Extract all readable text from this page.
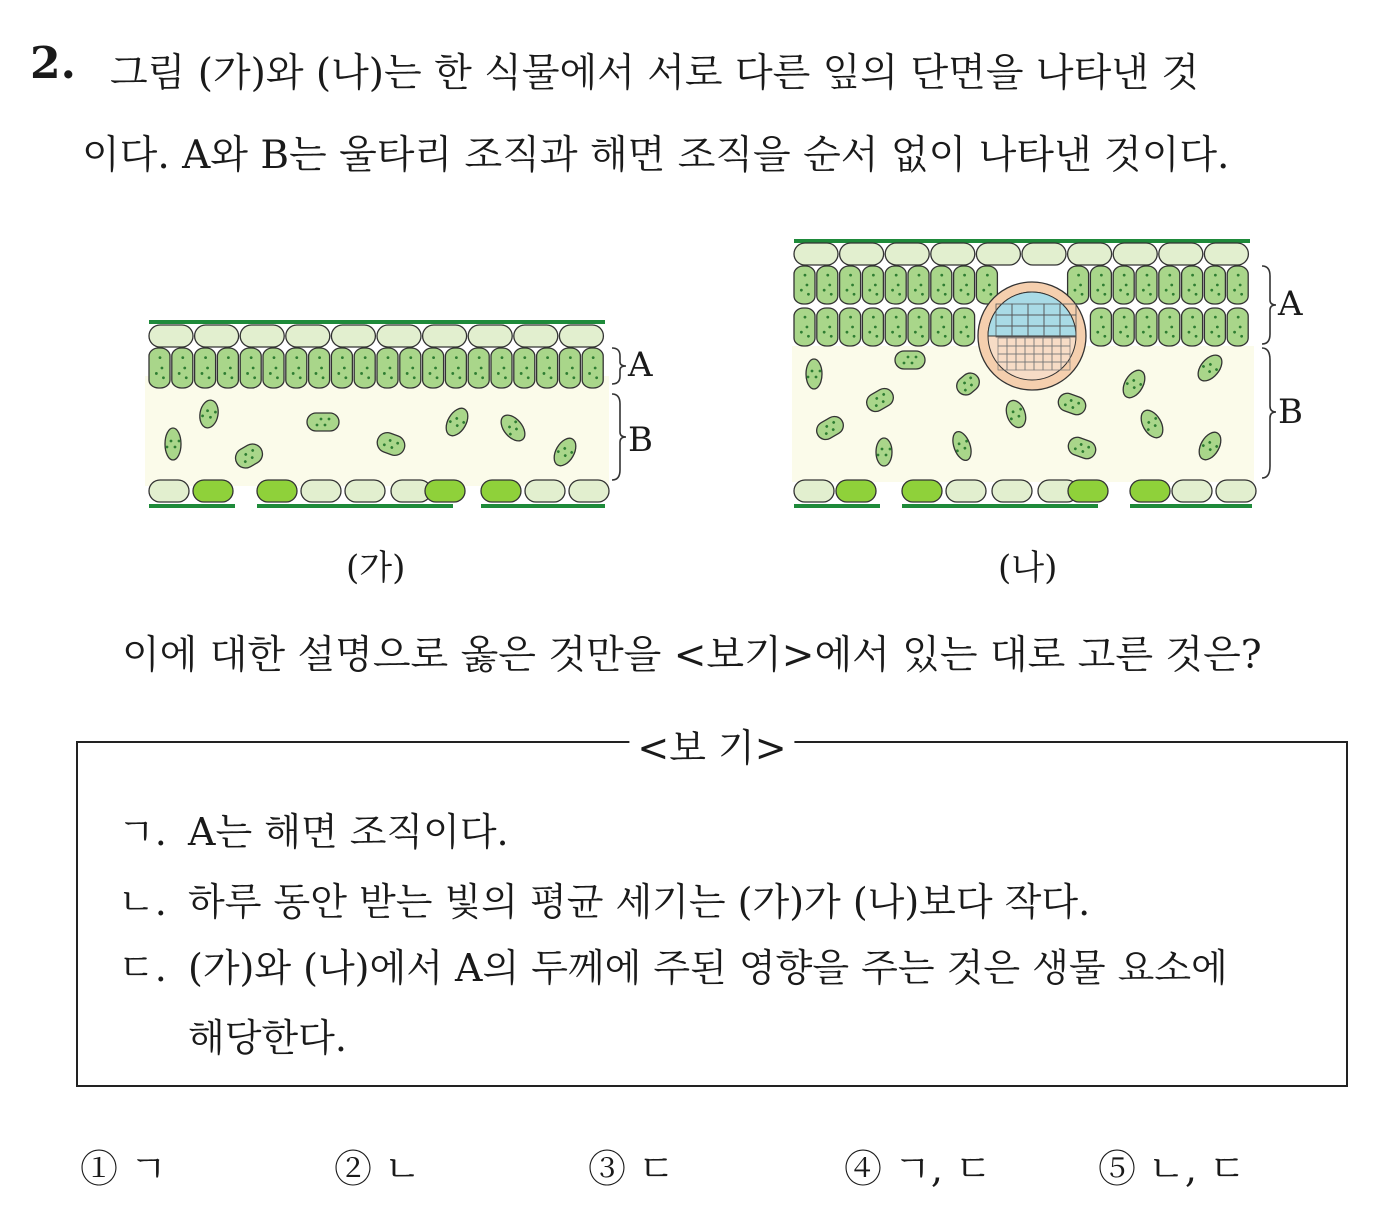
2. 그림 (가)와 (나)는 한 식물에서 서로 다른 잎의 단면을 나타낸 것
이다. A와 B는 울타리 조직과 해면 조직을 순서 없이 나타낸 것이다.
A
B
(가)
A
B
(나)
이에 대한 설명으로 옳은 것만을 <보기>에서 있는 대로 고른 것은?
<보 기>
ㄱ. A는 해면 조직이다.
ㄴ. 하루 동안 받는 빛의 평균 세기는 (가)가 (나)보다 작다.
ㄷ. (가)와 (나)에서 A의 두께에 주된 영향을 주는 것은 생물 요소에
해당한다.
① ㄱ	② ㄴ	③ ㄷ	④ ㄱ, ㄷ	⑤ ㄴ, ㄷ
